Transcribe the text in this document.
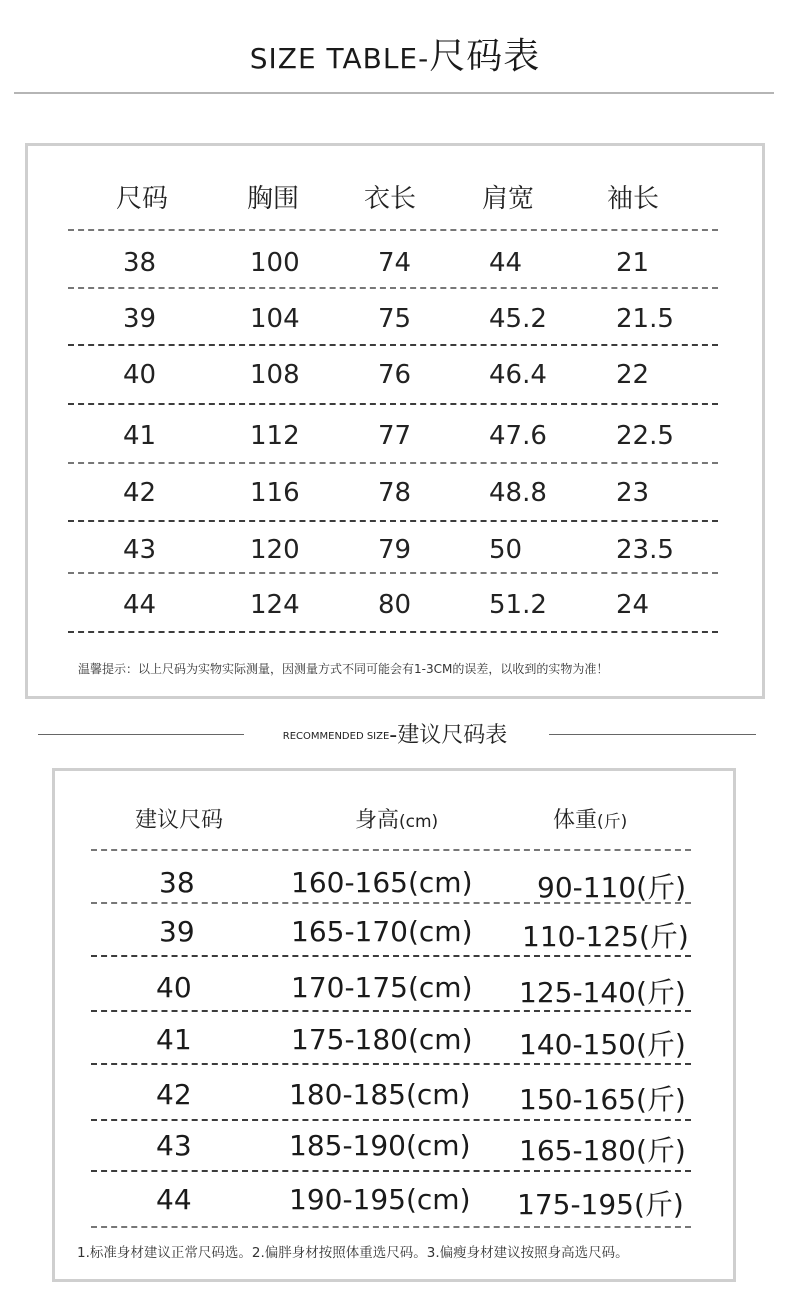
SIZE TABLE-尺码表
尺码	胸围 衣长	肩宽	袖长
38	100	74	44	21
39	104	75	45.2	21.5
40	108	76	46.4	22
41	112	77	47.6	22.5
42	116	78	48.8	23
43	120	79	50	23.5
44	124	80	51.2	24
温馨提示：以上尺码为实物实际测量，因测量方式不同可能会有1-3CM的误差，以收到的实物为准！
RECOMMENDED SIZE-建议尺码表
建议尺码	身高(cm)	体重(斤)
38	160-165(cm) 90-110(斤)
39	165-170(cm) 110-125(斤)
40	170-175(cm) 125-140(斤)
41	175-180(cm) 140-150(斤)
42	180-185(cm) 150-165(斤)
43	185-190(cm) 165-180(斤)
44	190-195(cm) 175-195(斤)
1.标准身材建议正常尺码选。2.偏胖身材按照体重选尺码。3.偏瘦身材建议按照身高选尺码。
